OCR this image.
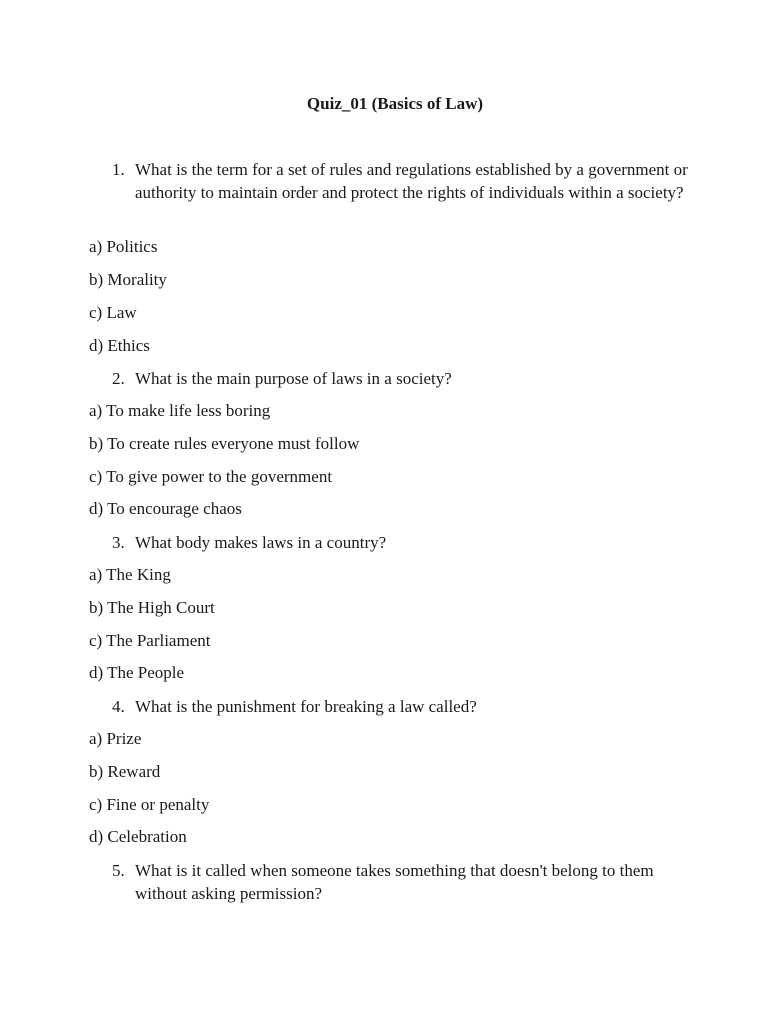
Quiz_01 (Basics of Law)
1. What is the term for a set of rules and regulations established by a government or authority to maintain order and protect the rights of individuals within a society?
a) Politics
b) Morality
c) Law
d) Ethics
2. What is the main purpose of laws in a society?
a) To make life less boring
b) To create rules everyone must follow
c) To give power to the government
d) To encourage chaos
3. What body makes laws in a country?
a) The King
b) The High Court
c) The Parliament
d) The People
4. What is the punishment for breaking a law called?
a) Prize
b) Reward
c) Fine or penalty
d) Celebration
5. What is it called when someone takes something that doesn't belong to them without asking permission?
